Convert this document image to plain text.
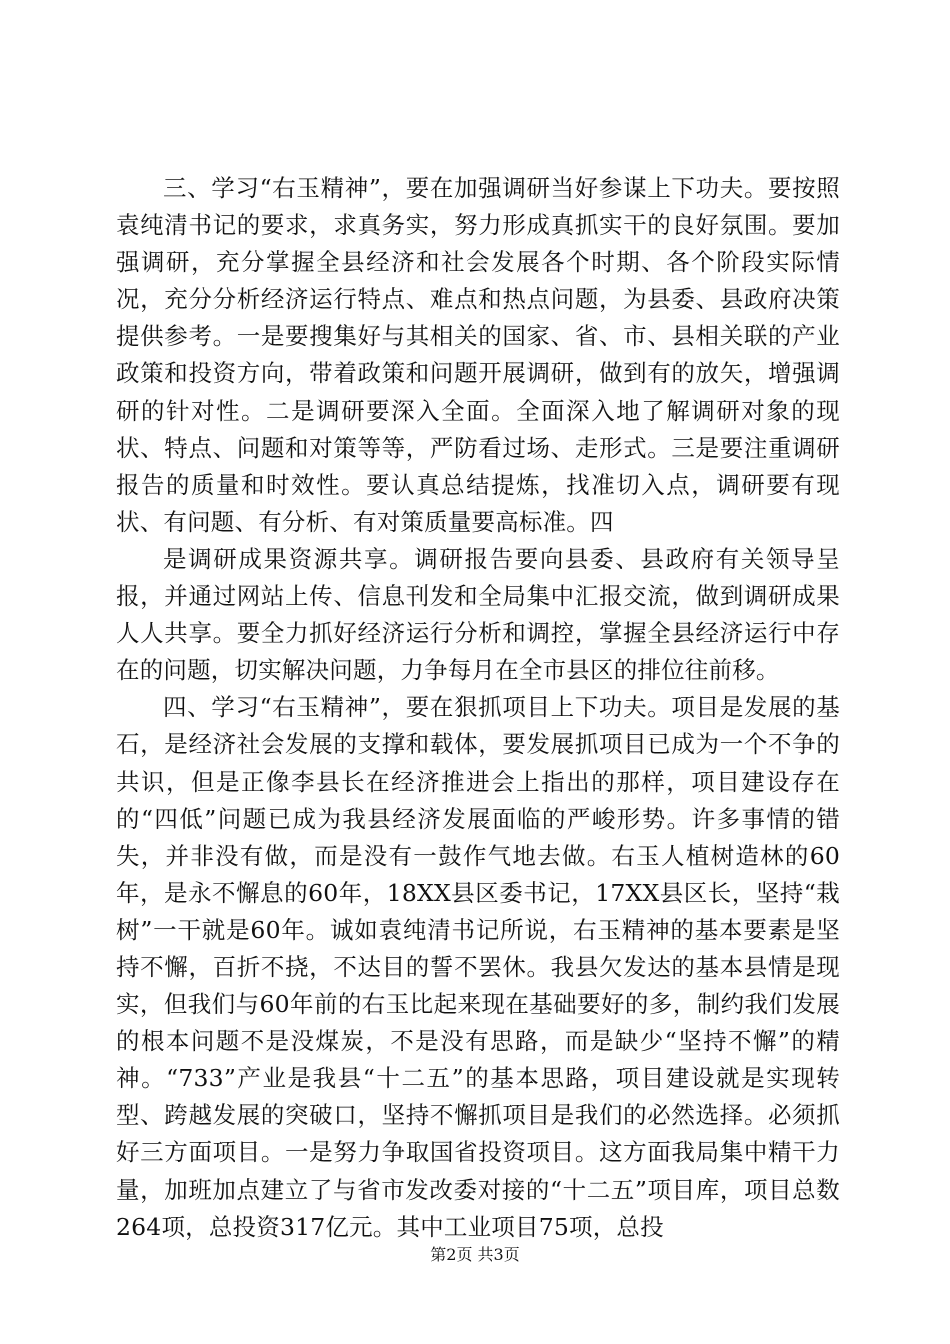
三、学习“右玉精神”，要在加强调研当好参谋上下功夫。要按照袁纯清书记的要求，求真务实，努力形成真抓实干的良好氛围。要加强调研，充分掌握全县经济和社会发展各个时期、各个阶段实际情况，充分分析经济运行特点、难点和热点问题，为县委、县政府决策提供参考。一是要搜集好与其相关的国家、省、市、县相关联的产业政策和投资方向，带着政策和问题开展调研，做到有的放矢，增强调研的针对性。二是调研要深入全面。全面深入地了解调研对象的现状、特点、问题和对策等等，严防看过场、走形式。三是要注重调研报告的质量和时效性。要认真总结提炼，找准切入点，调研要有现状、有问题、有分析、有对策质量要高标准。四

是调研成果资源共享。调研报告要向县委、县政府有关领导呈报，并通过网站上传、信息刊发和全局集中汇报交流，做到调研成果人人共享。要全力抓好经济运行分析和调控，掌握全县经济运行中存在的问题，切实解决问题，力争每月在全市县区的排位往前移。

四、学习“右玉精神”，要在狠抓项目上下功夫。项目是发展的基石，是经济社会发展的支撑和载体，要发展抓项目已成为一个不争的共识，但是正像李县长在经济推进会上指出的那样，项目建设存在的“四低”问题已成为我县经济发展面临的严峻形势。许多事情的错失，并非没有做，而是没有一鼓作气地去做。右玉人植树造林的60年，是永不懈息的60年，18XX县区委书记，17XX县区长，坚持“栽树”一干就是60年。诚如袁纯清书记所说，右玉精神的基本要素是坚持不懈，百折不挠，不达目的誓不罢休。我县欠发达的基本县情是现实，但我们与60年前的右玉比起来现在基础要好的多，制约我们发展的根本问题不是没煤炭，不是没有思路，而是缺少“坚持不懈”的精神。“733”产业是我县“十二五”的基本思路，项目建设就是实现转型、跨越发展的突破口，坚持不懈抓项目是我们的必然选择。必须抓好三方面项目。一是努力争取国省投资项目。这方面我局集中精干力量，加班加点建立了与省市发改委对接的“十二五”项目库，项目总数264项，总投资317亿元。其中工业项目75项，总投

第2页 共3页
